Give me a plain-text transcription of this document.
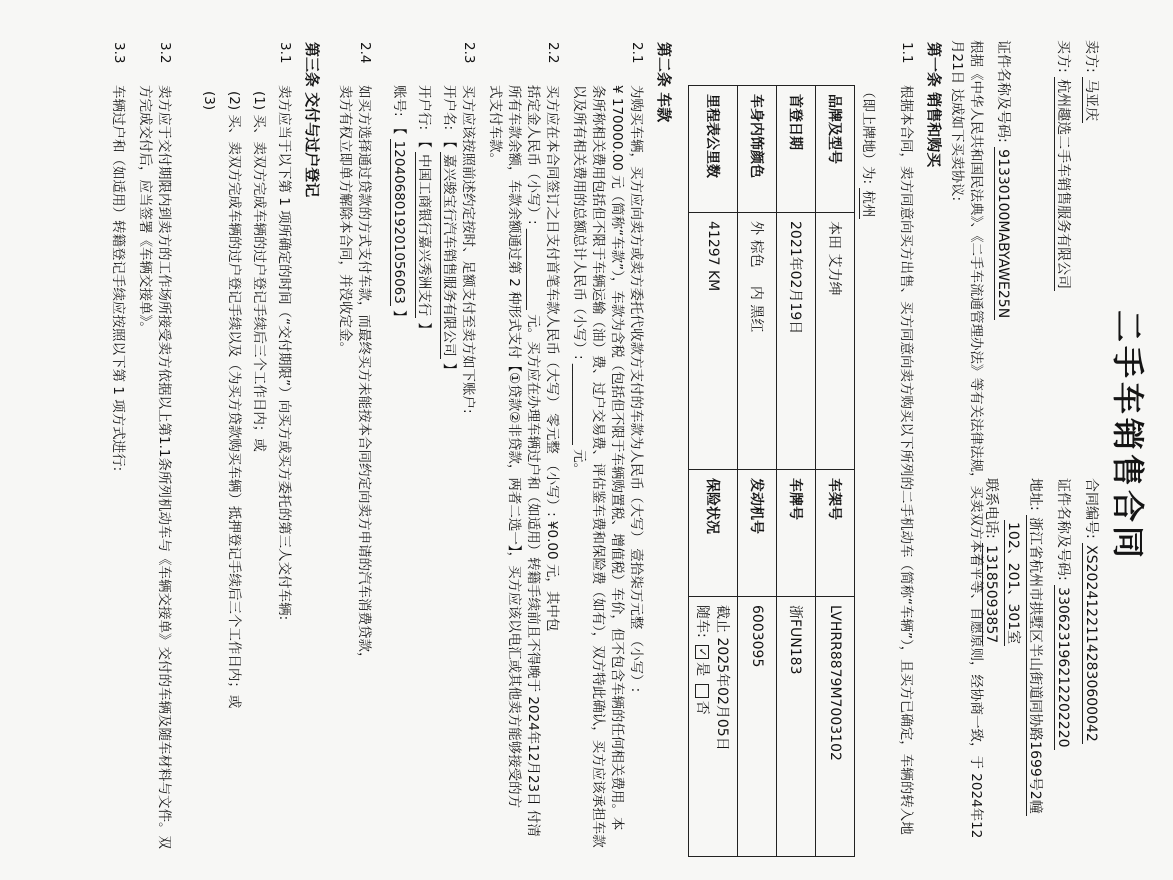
二手车销售合同
卖方: 马亚庆
合同编号: XS20241221142830600042
买方: 杭州趣选二手车销售服务有限公司
证件名称及号码: 330623196212202220
地址: 浙江省杭州市拱墅区半山街道同协路1699号2幢
102、201、301室
证件名称及号码: 91330100MABYAWE25N
联系电话: 13185093857
根据《中华人民共和国民法典》、《二手车流通管理办法》等有关法律法规，买卖双方本着平等、自愿原则，经协商一致，于 2024年12月21日 达成如下买卖协议:
第一条 销售和购买
1.1
根据本合同，卖方同意向买方出售、买方同意向卖方购买以下所列的二手机动车（简称“车辆”），且买方已确定，车辆的转入地
（即上牌地）为: 杭州
品牌及型号	本田 艾力绅	车架号	LVHRR8879M7003102
首登日期	2021年02月19日	车牌号	浙FUN183
车身内饰颜色	外 棕色 　内 黑红	发动机号	6003095
里程表公里数	41297 KM	保险状况	截止 2025年02月05日
随车: ✓是 否
第二条 车款
2.1
为购买车辆，买方应向卖方或卖方委托代收款方支付的车款为人民币（大写） 壹拾柒万元整 （小写）:
¥ 170000.00 元（简称“车款”），车款为含税（包括但不限于车辆购置税、增值税）车价，但不包含车辆的任何相关费用。本
条所称相关费用包括但不限于车辆运输（油）费、过户交易费、评估鉴车费和保险费（如有），双方特此确认，买方应该承担车款
以及所有相关费用的总额总计人民币（小写）: ____________ 元。
2.2
买方应在本合同签订之日支付首笔车款人民币（大写） 零元整 （小写）: ¥0.00 元，其中包
括定金人民币（小写）: ____________ 元。买方应在办理车辆过户和（如适用）转籍手续前且不得晚于 2024年12月23日 付清
所有车款余额，车款余额通过第 2 种形式支付【①贷款②非贷款，两者二选一】，买方应该以电汇或其他卖方能够接受的方
式支付车款。
2.3
买方应该按照前述约定按时、足额支付至卖方如下账户:
开户名: 【 嘉兴骏宝行汽车销售服务有限公司 】
开户行: 【 中国工商银行嘉兴秀洲支行 】
账号: 【 1204068019201056063 】
2.4
如买方选择通过贷款的方式支付车款，而最终买方未能按本合同约定向卖方申请的汽车消费贷款，
卖方有权立即单方解除本合同，并没收定金。
第三条 交付与过户登记
3.1
卖方应当于以下第 1 项所确定的时间（“交付期限”）向买方或买方委托的第三人交付车辆:
(1) 买、卖双方完成车辆的过户登记手续后三个工作日内；或
(2) 买、卖双方完成车辆的过户登记手续以及（为买方贷款购买车辆）抵押登记手续后三个工作日内；或
(3)
3.2
卖方应于交付期限内到卖方的工作场所接受卖方依据以上第1.1条所列机动车与《车辆交接单》交付的车辆及随车材料与文件。双
方完成交付后，应当签署《车辆交接单》。
3.3
车辆过户和（如适用）转籍登记手续应按照以下第 1 项方式进行:
